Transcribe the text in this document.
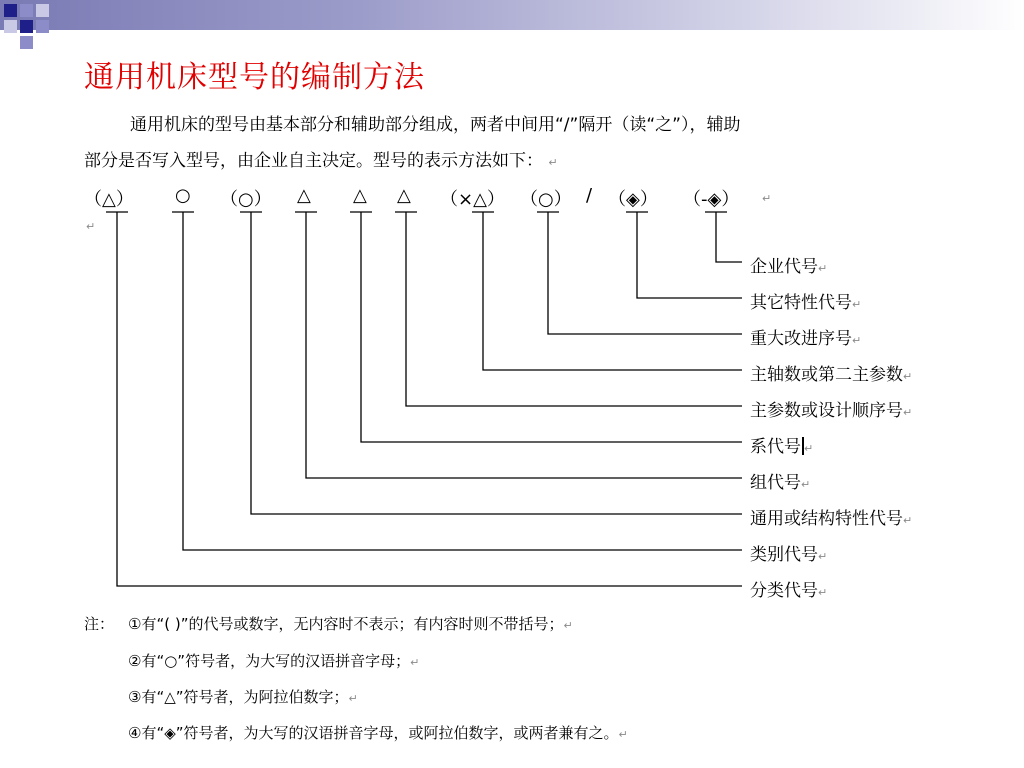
通用机床型号的编制方法
通用机床的型号由基本部分和辅助部分组成，两者中间用“/”隔开（读“之”），辅助
部分是否写入型号，由企业自主决定。型号的表示方法如下： ↵
（△） ○ （○） △ △ △ （×△） （○） / （◈） （-◈） ↵
↵
企业代号↵
其它特性代号↵
重大改进序号↵
主轴数或第二主参数↵
主参数或设计顺序号↵
系代号 ↵
组代号↵
通用或结构特性代号↵
类别代号↵
分类代号↵
注： ①有“( )”的代号或数字，无内容时不表示；有内容时则不带括号；↵
②有“○”符号者，为大写的汉语拼音字母；↵
③有“△”符号者，为阿拉伯数字；↵
④有“◈”符号者，为大写的汉语拼音字母，或阿拉伯数字，或两者兼有之。↵
